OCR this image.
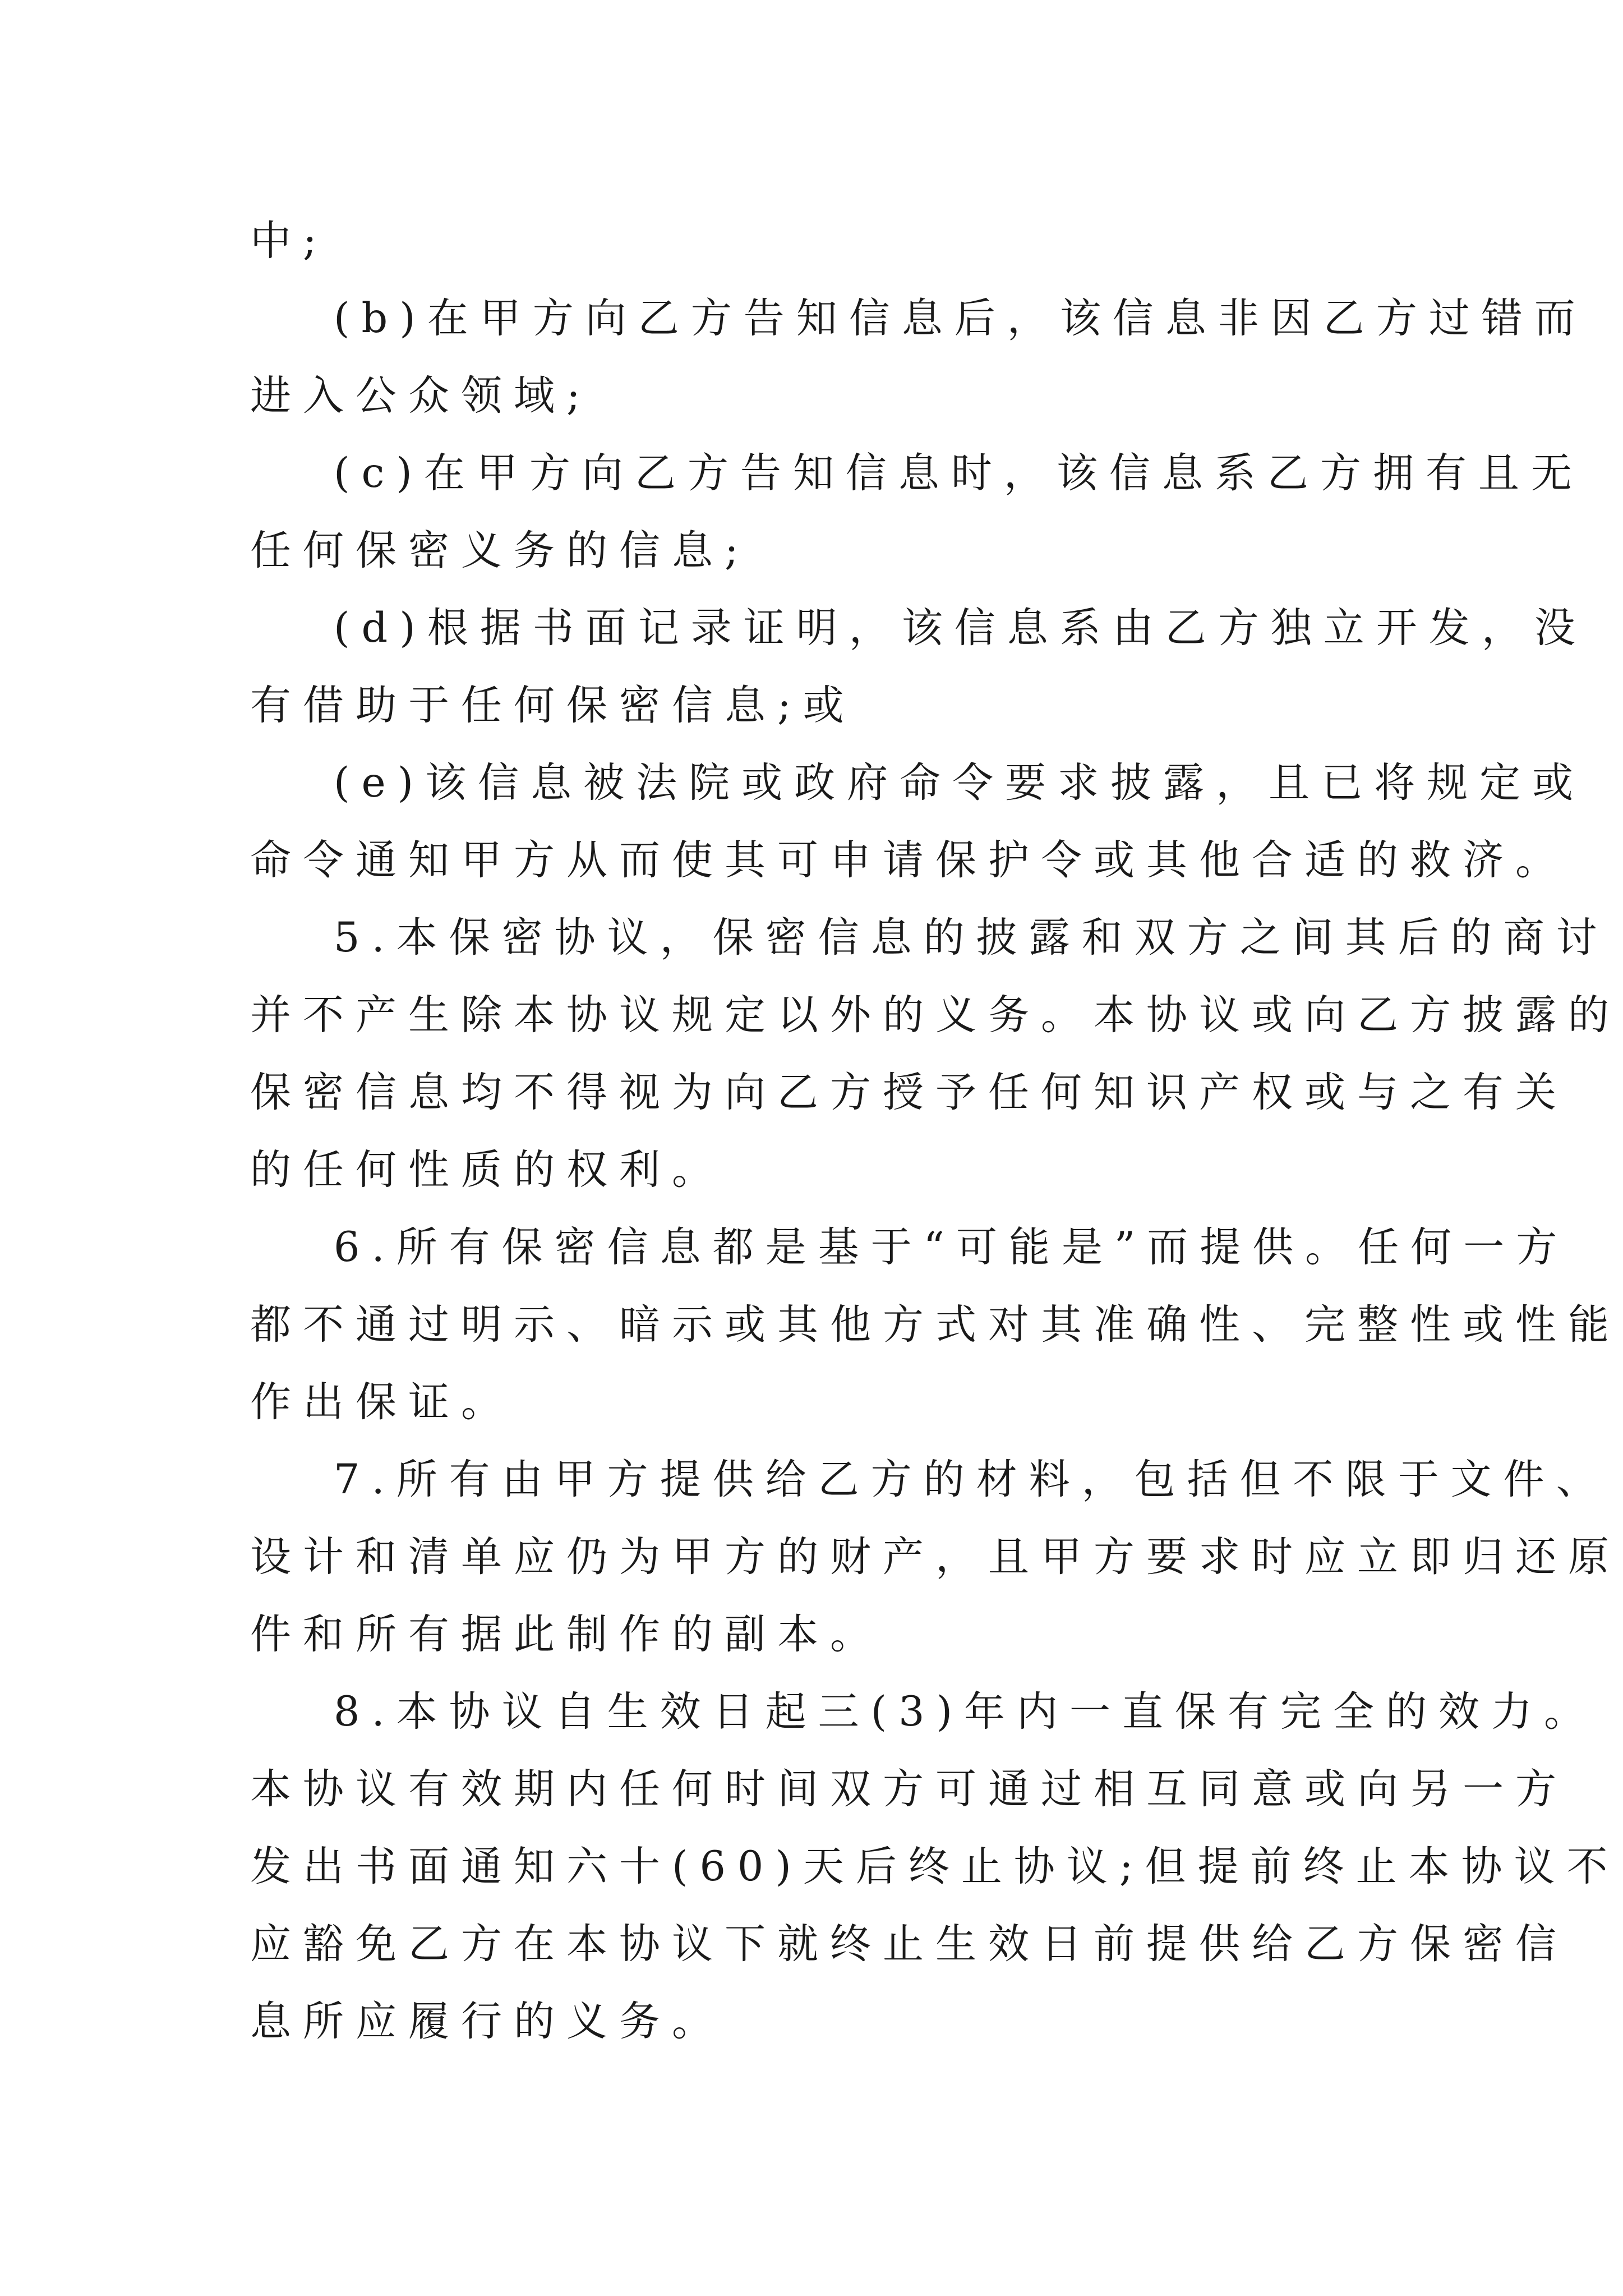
中;
(b)在甲方向乙方告知信息后，该信息非因乙方过错而
进入公众领域;
(c)在甲方向乙方告知信息时，该信息系乙方拥有且无
任何保密义务的信息;
(d)根据书面记录证明，该信息系由乙方独立开发，没
有借助于任何保密信息;或
(e)该信息被法院或政府命令要求披露，且已将规定或
命令通知甲方从而使其可申请保护令或其他合适的救济。
5.本保密协议，保密信息的披露和双方之间其后的商讨
并不产生除本协议规定以外的义务。本协议或向乙方披露的
保密信息均不得视为向乙方授予任何知识产权或与之有关
的任何性质的权利。
6.所有保密信息都是基于“可能是”而提供。任何一方
都不通过明示、暗示或其他方式对其准确性、完整性或性能
作出保证。
7.所有由甲方提供给乙方的材料，包括但不限于文件、
设计和清单应仍为甲方的财产，且甲方要求时应立即归还原
件和所有据此制作的副本。
8.本协议自生效日起三(3)年内一直保有完全的效力。
本协议有效期内任何时间双方可通过相互同意或向另一方
发出书面通知六十(60)天后终止协议;但提前终止本协议不
应豁免乙方在本协议下就终止生效日前提供给乙方保密信
息所应履行的义务。
